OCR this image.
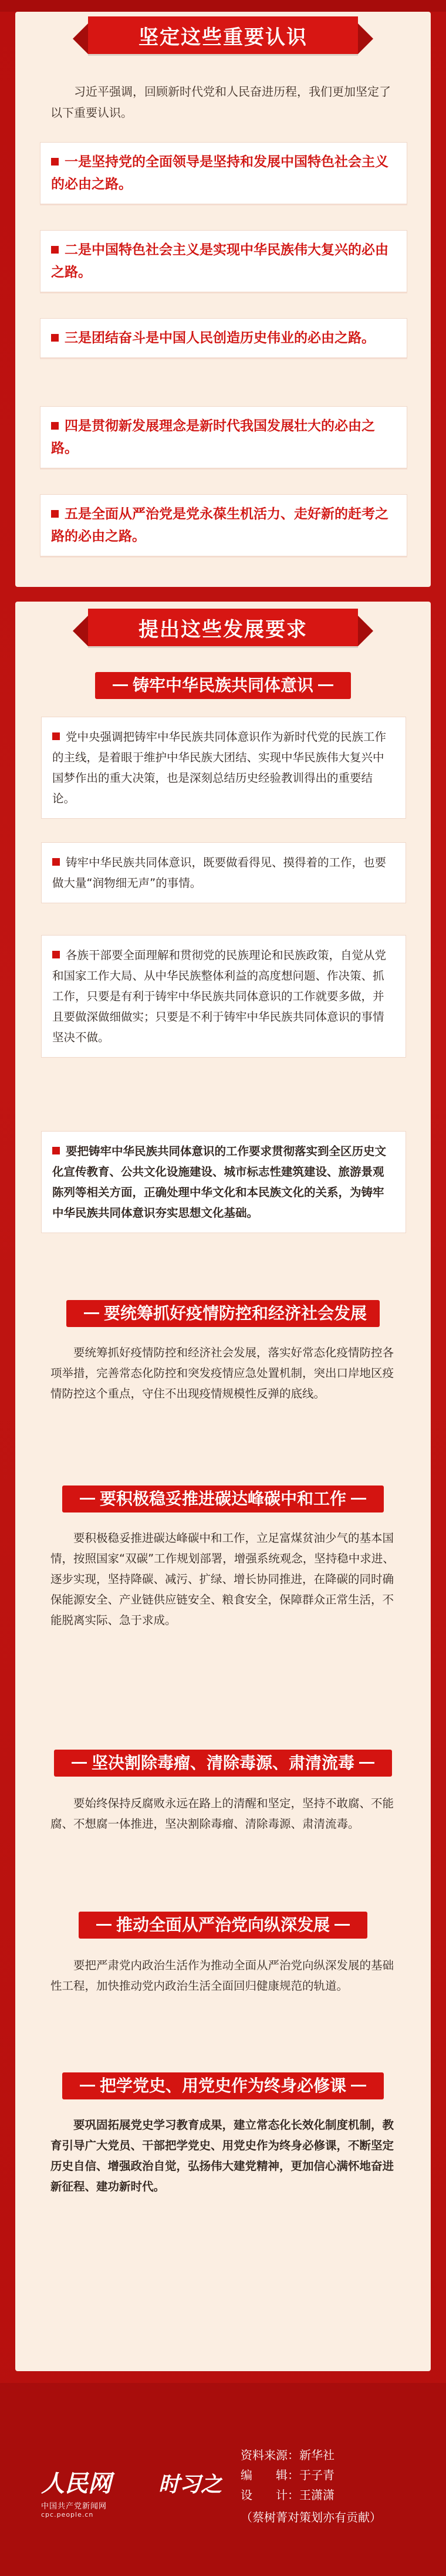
坚定这些重要认识
习近平强调，回顾新时代党和人民奋进历程，我们更加坚定了以下重要认识。
一是坚持党的全面领导是坚持和发展中国特色社会主义的必由之路。
二是中国特色社会主义是实现中华民族伟大复兴的必由之路。
三是团结奋斗是中国人民创造历史伟业的必由之路。
四是贯彻新发展理念是新时代我国发展壮大的必由之路。
五是全面从严治党是党永葆生机活力、走好新的赶考之路的必由之路。
提出这些发展要求
铸牢中华民族共同体意识
党中央强调把铸牢中华民族共同体意识作为新时代党的民族工作的主线，是着眼于维护中华民族大团结、实现中华民族伟大复兴中国梦作出的重大决策，也是深刻总结历史经验教训得出的重要结论。
铸牢中华民族共同体意识，既要做看得见、摸得着的工作，也要做大量“润物细无声”的事情。
各族干部要全面理解和贯彻党的民族理论和民族政策，自觉从党和国家工作大局、从中华民族整体利益的高度想问题、作决策、抓工作，只要是有利于铸牢中华民族共同体意识的工作就要多做，并且要做深做细做实；只要是不利于铸牢中华民族共同体意识的事情坚决不做。
要把铸牢中华民族共同体意识的工作要求贯彻落实到全区历史文化宣传教育、公共文化设施建设、城市标志性建筑建设、旅游景观陈列等相关方面，正确处理中华文化和本民族文化的关系，为铸牢中华民族共同体意识夯实思想文化基础。
要统筹抓好疫情防控和经济社会发展
要统筹抓好疫情防控和经济社会发展，落实好常态化疫情防控各项举措，完善常态化防控和突发疫情应急处置机制，突出口岸地区疫情防控这个重点，守住不出现疫情规模性反弹的底线。
要积极稳妥推进碳达峰碳中和工作
要积极稳妥推进碳达峰碳中和工作，立足富煤贫油少气的基本国情，按照国家“双碳”工作规划部署，增强系统观念，坚持稳中求进、逐步实现，坚持降碳、减污、扩绿、增长协同推进，在降碳的同时确保能源安全、产业链供应链安全、粮食安全，保障群众正常生活，不能脱离实际、急于求成。
坚决割除毒瘤、清除毒源、肃清流毒
要始终保持反腐败永远在路上的清醒和坚定，坚持不敢腐、不能腐、不想腐一体推进，坚决割除毒瘤、清除毒源、肃清流毒。
推动全面从严治党向纵深发展
要把严肃党内政治生活作为推动全面从严治党向纵深发展的基础性工程，加快推动党内政治生活全面回归健康规范的轨道。
把学党史、用党史作为终身必修课
要巩固拓展党史学习教育成果，建立常态化长效化制度机制，教育引导广大党员、干部把学党史、用党史作为终身必修课，不断坚定历史自信、增强政治自觉，弘扬伟大建党精神，更加信心满怀地奋进新征程、建功新时代。
人民网
中国共产党新闻网
cpc.people.cn
时习之
资料来源：新华社
编　　辑：于子青
设　　计：王潇潇
（蔡树菁对策划亦有贡献）
